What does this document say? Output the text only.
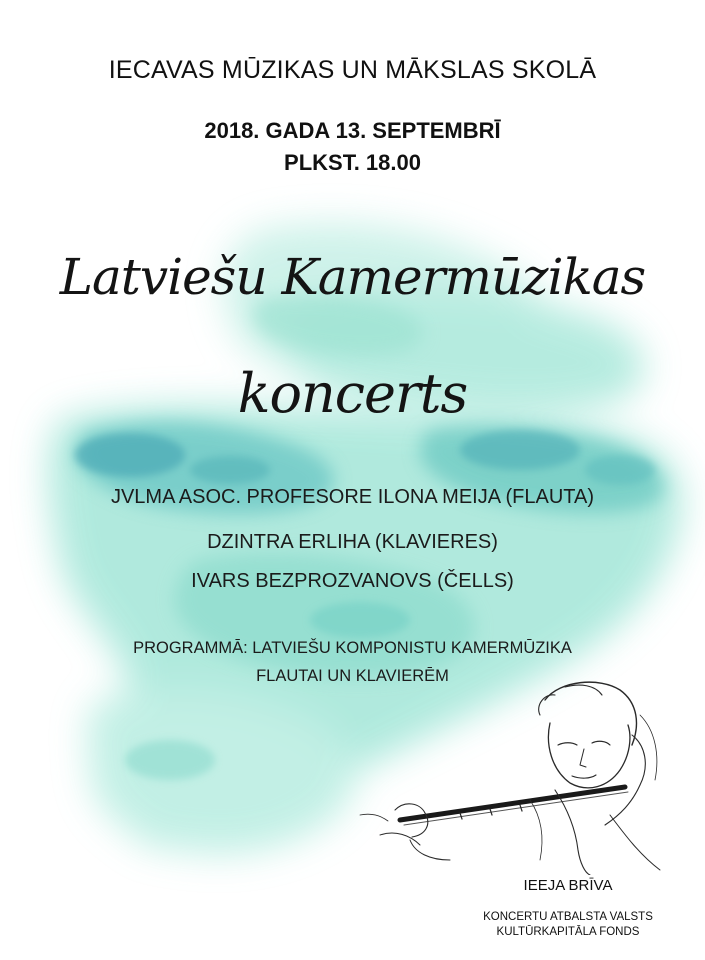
IECAVAS MŪZIKAS UN MĀKSLAS SKOLĀ
2018. GADA 13. SEPTEMBRĪ
PLKST. 18.00
Latviešu Kamermūzikas
koncerts
JVLMA ASOC. PROFESORE ILONA MEIJA (FLAUTA)
DZINTRA ERLIHA (KLAVIERES)
IVARS BEZPROZVANOVS (ČELLS)
PROGRAMMĀ: LATVIEŠU KOMPONISTU KAMERMŪZIKA
FLAUTAI UN KLAVIERĒM
IEEJA BRĪVA
KONCERTU ATBALSTA VALSTS
KULTŪRKAPITĀLA FONDS
